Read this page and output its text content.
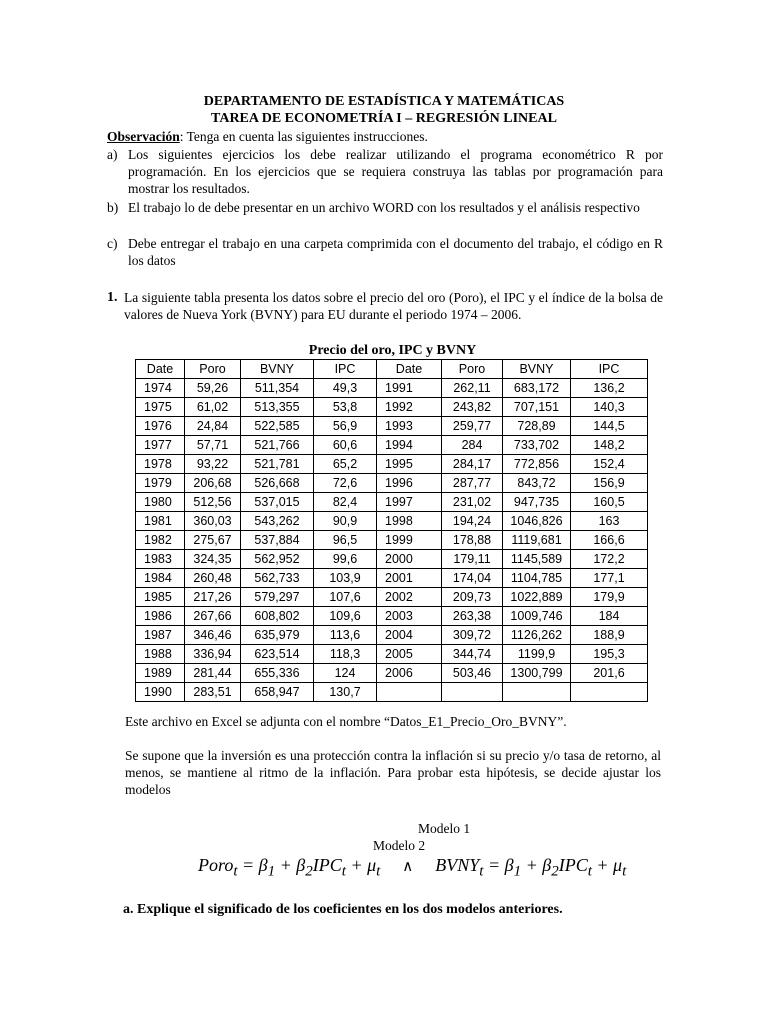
DEPARTAMENTO DE ESTADÍSTICA Y MATEMÁTICAS
TAREA DE ECONOMETRÍA I – REGRESIÓN LINEAL
Observación: Tenga en cuenta las siguientes instrucciones.
a) Los siguientes ejercicios los debe realizar utilizando el programa econométrico R por programación. En los ejercicios que se requiera construya las tablas por programación para mostrar los resultados.
b) El trabajo lo de debe presentar en un archivo WORD con los resultados y el análisis respectivo
c) Debe entregar el trabajo en una carpeta comprimida con el documento del trabajo, el código en R los datos
1. La siguiente tabla presenta los datos sobre el precio del oro (Poro), el IPC y el índice de la bolsa de valores de Nueva York (BVNY) para EU durante el periodo 1974 – 2006.
Precio del oro, IPC y BVNY
Date	Poro	BVNY	IPC	Date	Poro	BVNY	IPC
1974	59,26	511,354	49,3	1991	262,11	683,172	136,2
1975	61,02	513,355	53,8	1992	243,82	707,151	140,3
1976	24,84	522,585	56,9	1993	259,77	728,89	144,5
1977	57,71	521,766	60,6	1994	284	733,702	148,2
1978	93,22	521,781	65,2	1995	284,17	772,856	152,4
1979	206,68	526,668	72,6	1996	287,77	843,72	156,9
1980	512,56	537,015	82,4	1997	231,02	947,735	160,5
1981	360,03	543,262	90,9	1998	194,24	1046,826	163
1982	275,67	537,884	96,5	1999	178,88	1119,681	166,6
1983	324,35	562,952	99,6	2000	179,11	1145,589	172,2
1984	260,48	562,733	103,9	2001	174,04	1104,785	177,1
1985	217,26	579,297	107,6	2002	209,73	1022,889	179,9
1986	267,66	608,802	109,6	2003	263,38	1009,746	184
1987	346,46	635,979	113,6	2004	309,72	1126,262	188,9
1988	336,94	623,514	118,3	2005	344,74	1199,9	195,3
1989	281,44	655,336	124	2006	503,46	1300,799	201,6
1990	283,51	658,947	130,7				
Este archivo en Excel se adjunta con el nombre “Datos_E1_Precio_Oro_BVNY”.
Se supone que la inversión es una protección contra la inflación si su precio y/o tasa de retorno, al menos, se mantiene al ritmo de la inflación. Para probar esta hipótesis, se decide ajustar los modelos
Modelo 1
Modelo 2
Poro$_t$ = $\beta_1 + \beta_2IPC_t + \mu_t$ ∧ $BVNY_t = \beta_1 + \beta_2IPC_t + \mu_t$
a. Explique el significado de los coeficientes en los dos modelos anteriores.
